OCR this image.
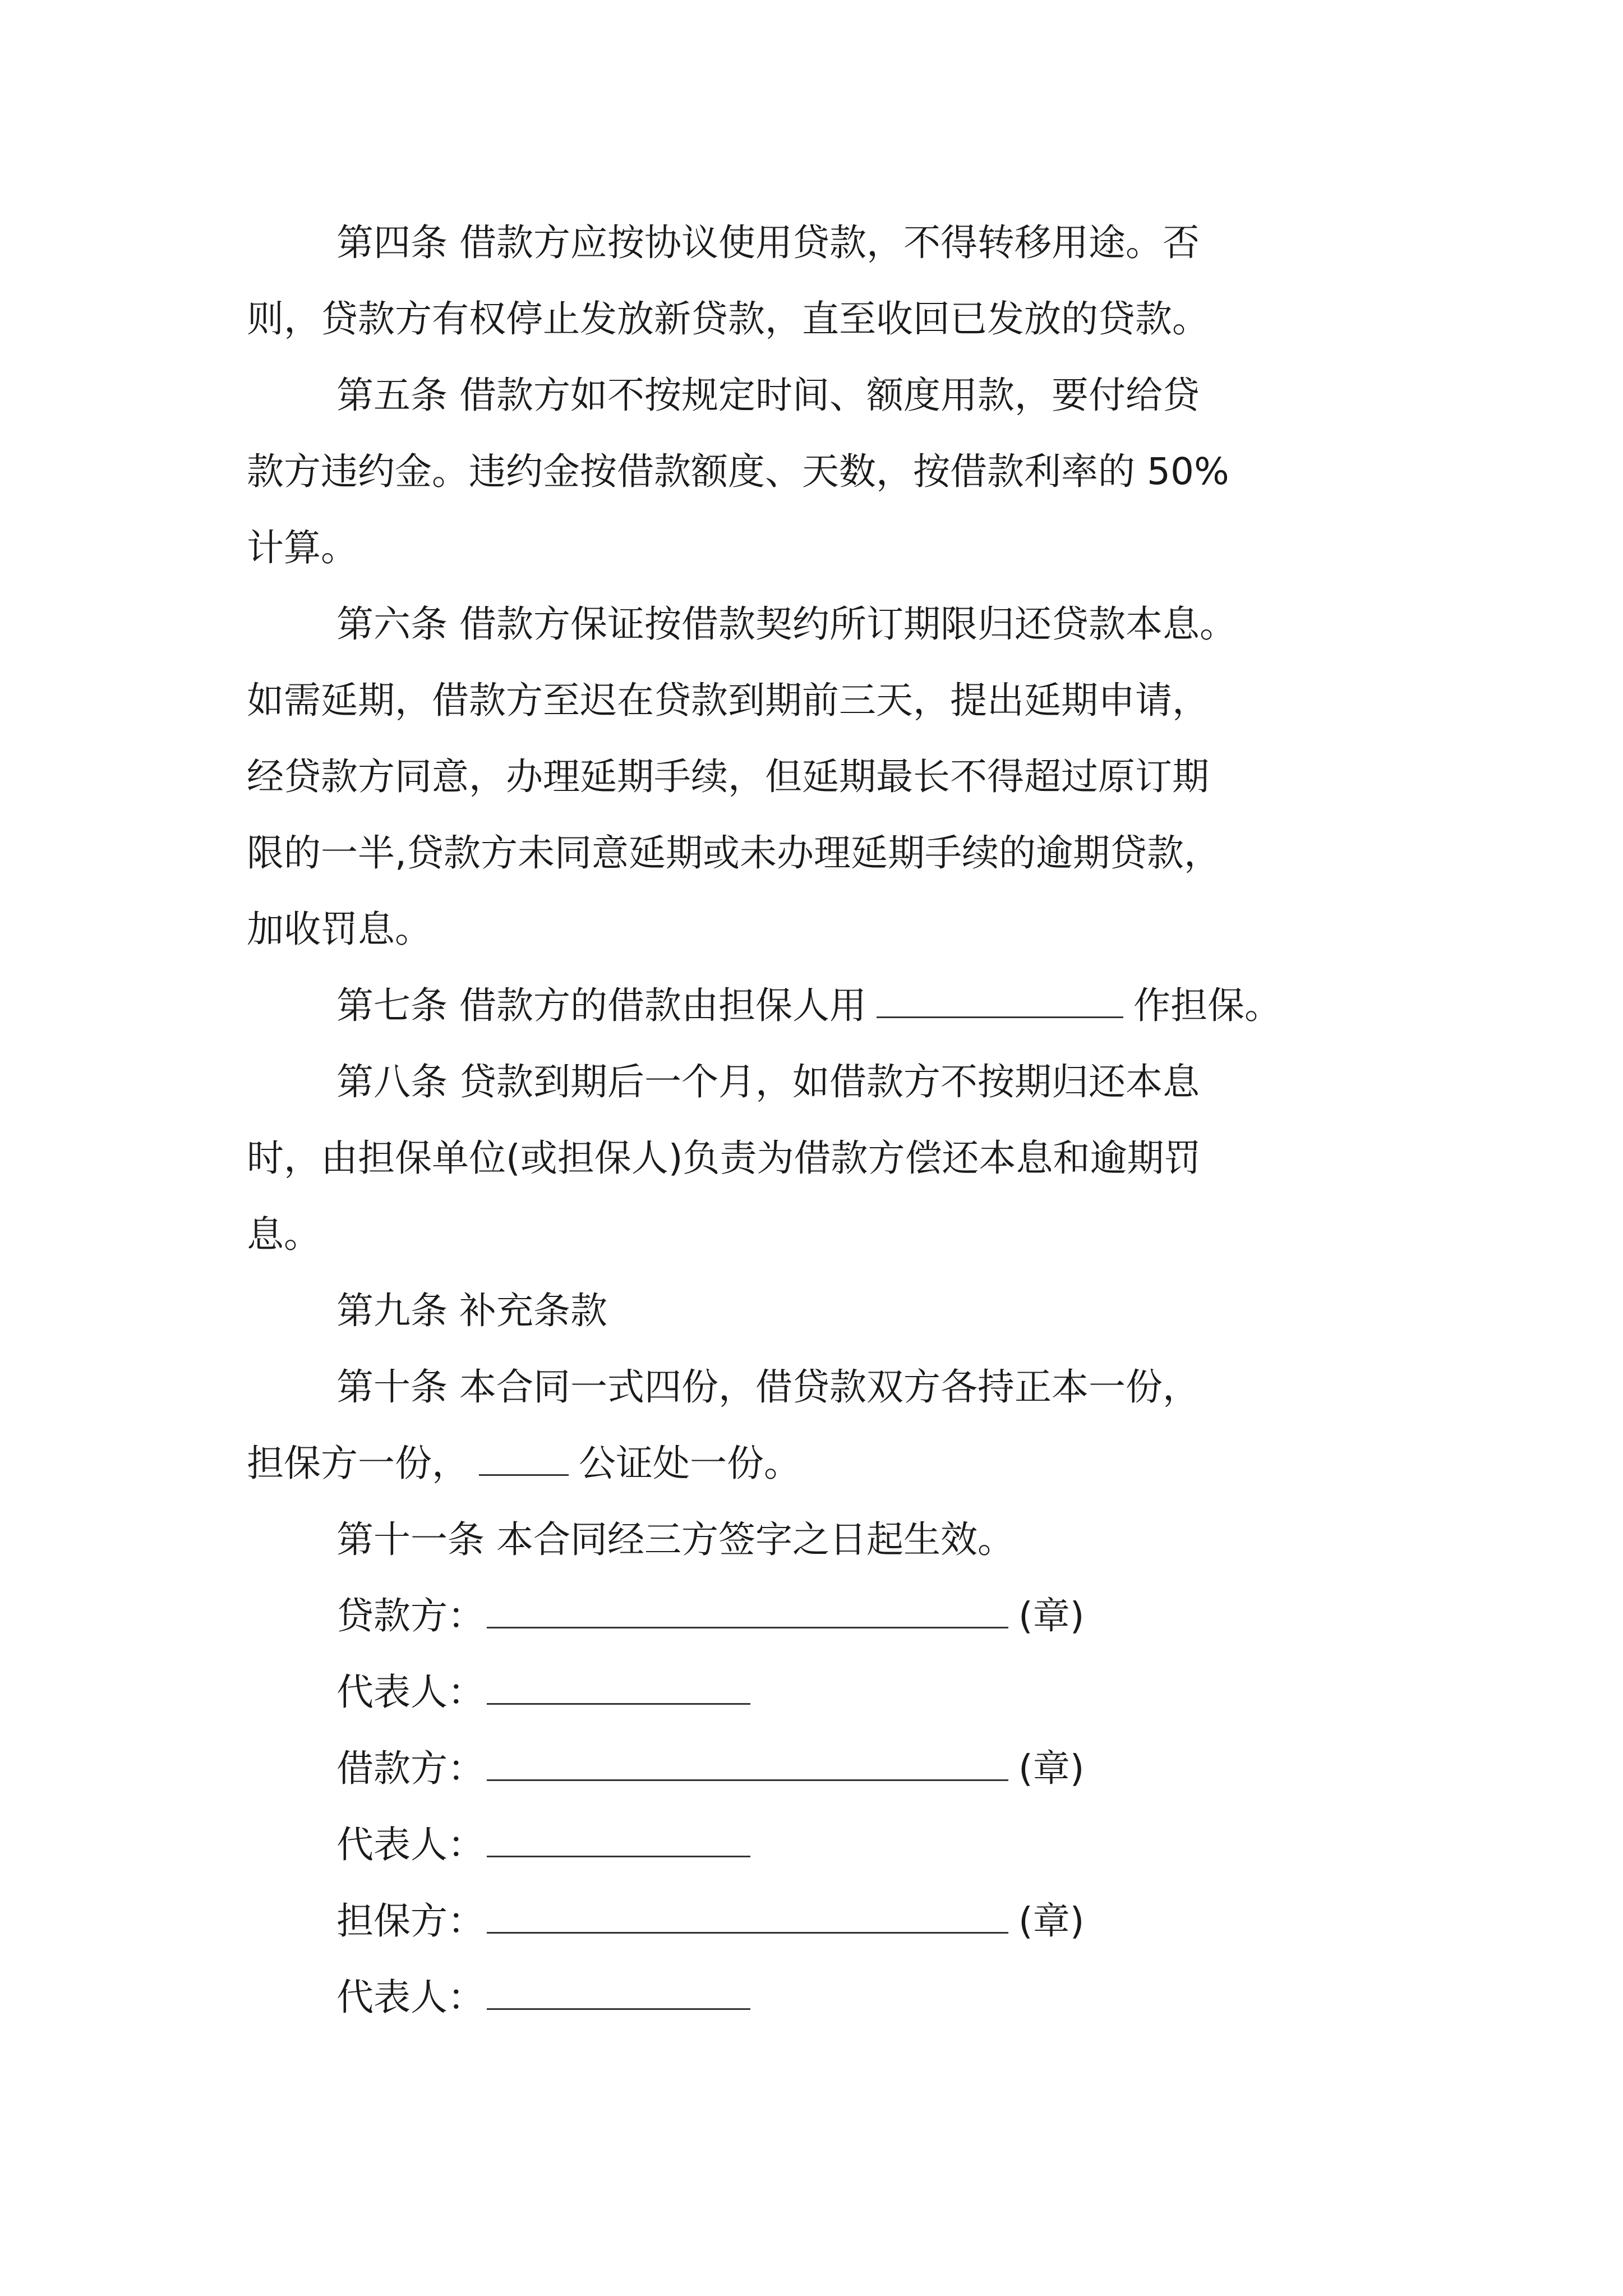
第四条 借款方应按协议使用贷款，不得转移用途。否
则，贷款方有权停止发放新贷款，直至收回已发放的贷款。
第五条 借款方如不按规定时间、额度用款，要付给贷
款方违约金。违约金按借款额度、天数，按借款利率的 50%
计算。
第六条 借款方保证按借款契约所订期限归还贷款本息。
如需延期，借款方至迟在贷款到期前三天，提出延期申请，
经贷款方同意，办理延期手续，但延期最长不得超过原订期
限的一半,贷款方未同意延期或未办理延期手续的逾期贷款，
加收罚息。
第七条 借款方的借款由担保人用	作担保。
第八条 贷款到期后一个月，如借款方不按期归还本息
时，由担保单位(或担保人)负责为借款方偿还本息和逾期罚
息。
第九条 补充条款
第十条 本合同一式四份，借贷款双方各持正本一份，
担保方一份，	公证处一份。
第十一条 本合同经三方签字之日起生效。
贷款方：	(章)
代表人：
借款方：	(章)
代表人：
担保方：	(章)
代表人：
